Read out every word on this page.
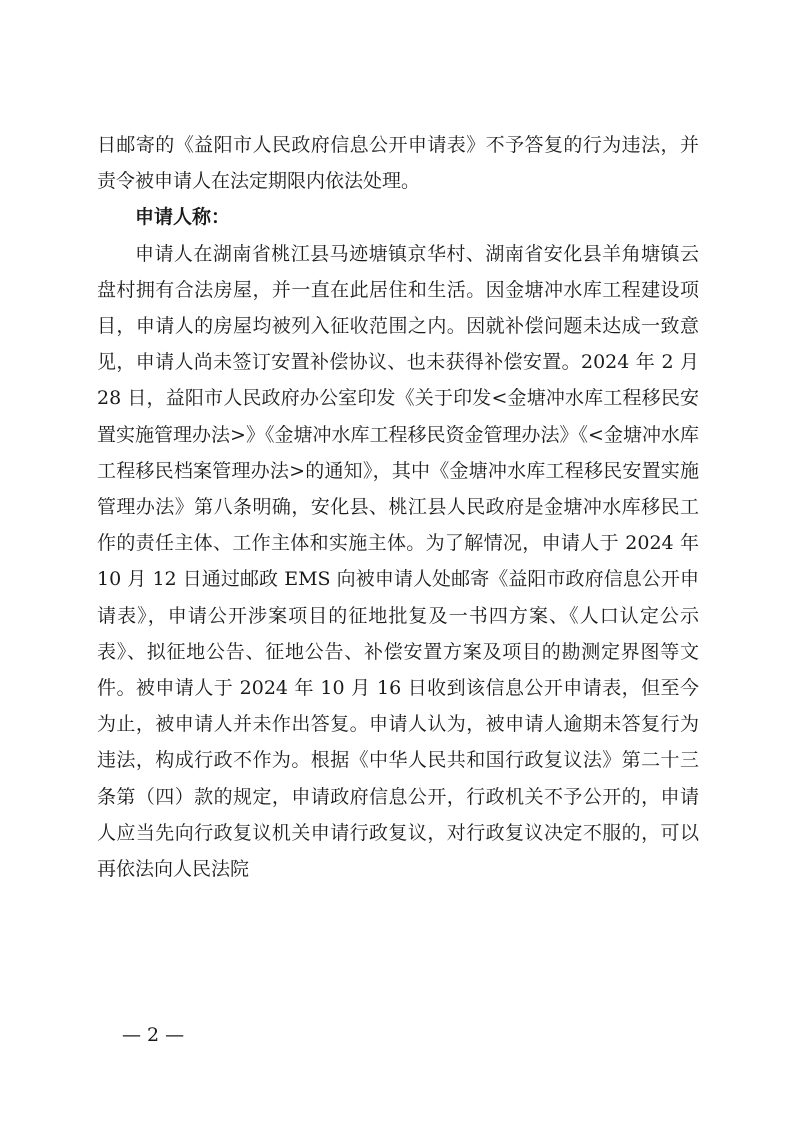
日邮寄的《益阳市人民政府信息公开申请表》不予答复的行为违法，并责令被申请人在法定期限内依法处理。

申请人称：

申请人在湖南省桃江县马迹塘镇京华村、湖南省安化县羊角塘镇云盘村拥有合法房屋，并一直在此居住和生活。因金塘冲水库工程建设项目，申请人的房屋均被列入征收范围之内。因就补偿问题未达成一致意见，申请人尚未签订安置补偿协议、也未获得补偿安置。2024 年 2 月 28 日，益阳市人民政府办公室印发《关于印发<金塘冲水库工程移民安置实施管理办法>》《金塘冲水库工程移民资金管理办法》《<金塘冲水库工程移民档案管理办法>的通知》，其中《金塘冲水库工程移民安置实施管理办法》第八条明确，安化县、桃江县人民政府是金塘冲水库移民工作的责任主体、工作主体和实施主体。为了解情况，申请人于 2024 年 10 月 12 日通过邮政 EMS 向被申请人处邮寄《益阳市政府信息公开申请表》，申请公开涉案项目的征地批复及一书四方案、《人口认定公示表》、拟征地公告、征地公告、补偿安置方案及项目的勘测定界图等文件。被申请人于 2024 年 10 月 16 日收到该信息公开申请表，但至今为止，被申请人并未作出答复。申请人认为，被申请人逾期未答复行为违法，构成行政不作为。根据《中华人民共和国行政复议法》第二十三条第（四）款的规定，申请政府信息公开，行政机关不予公开的，申请人应当先向行政复议机关申请行政复议，对行政复议决定不服的，可以再依法向人民法院

— 2 —
